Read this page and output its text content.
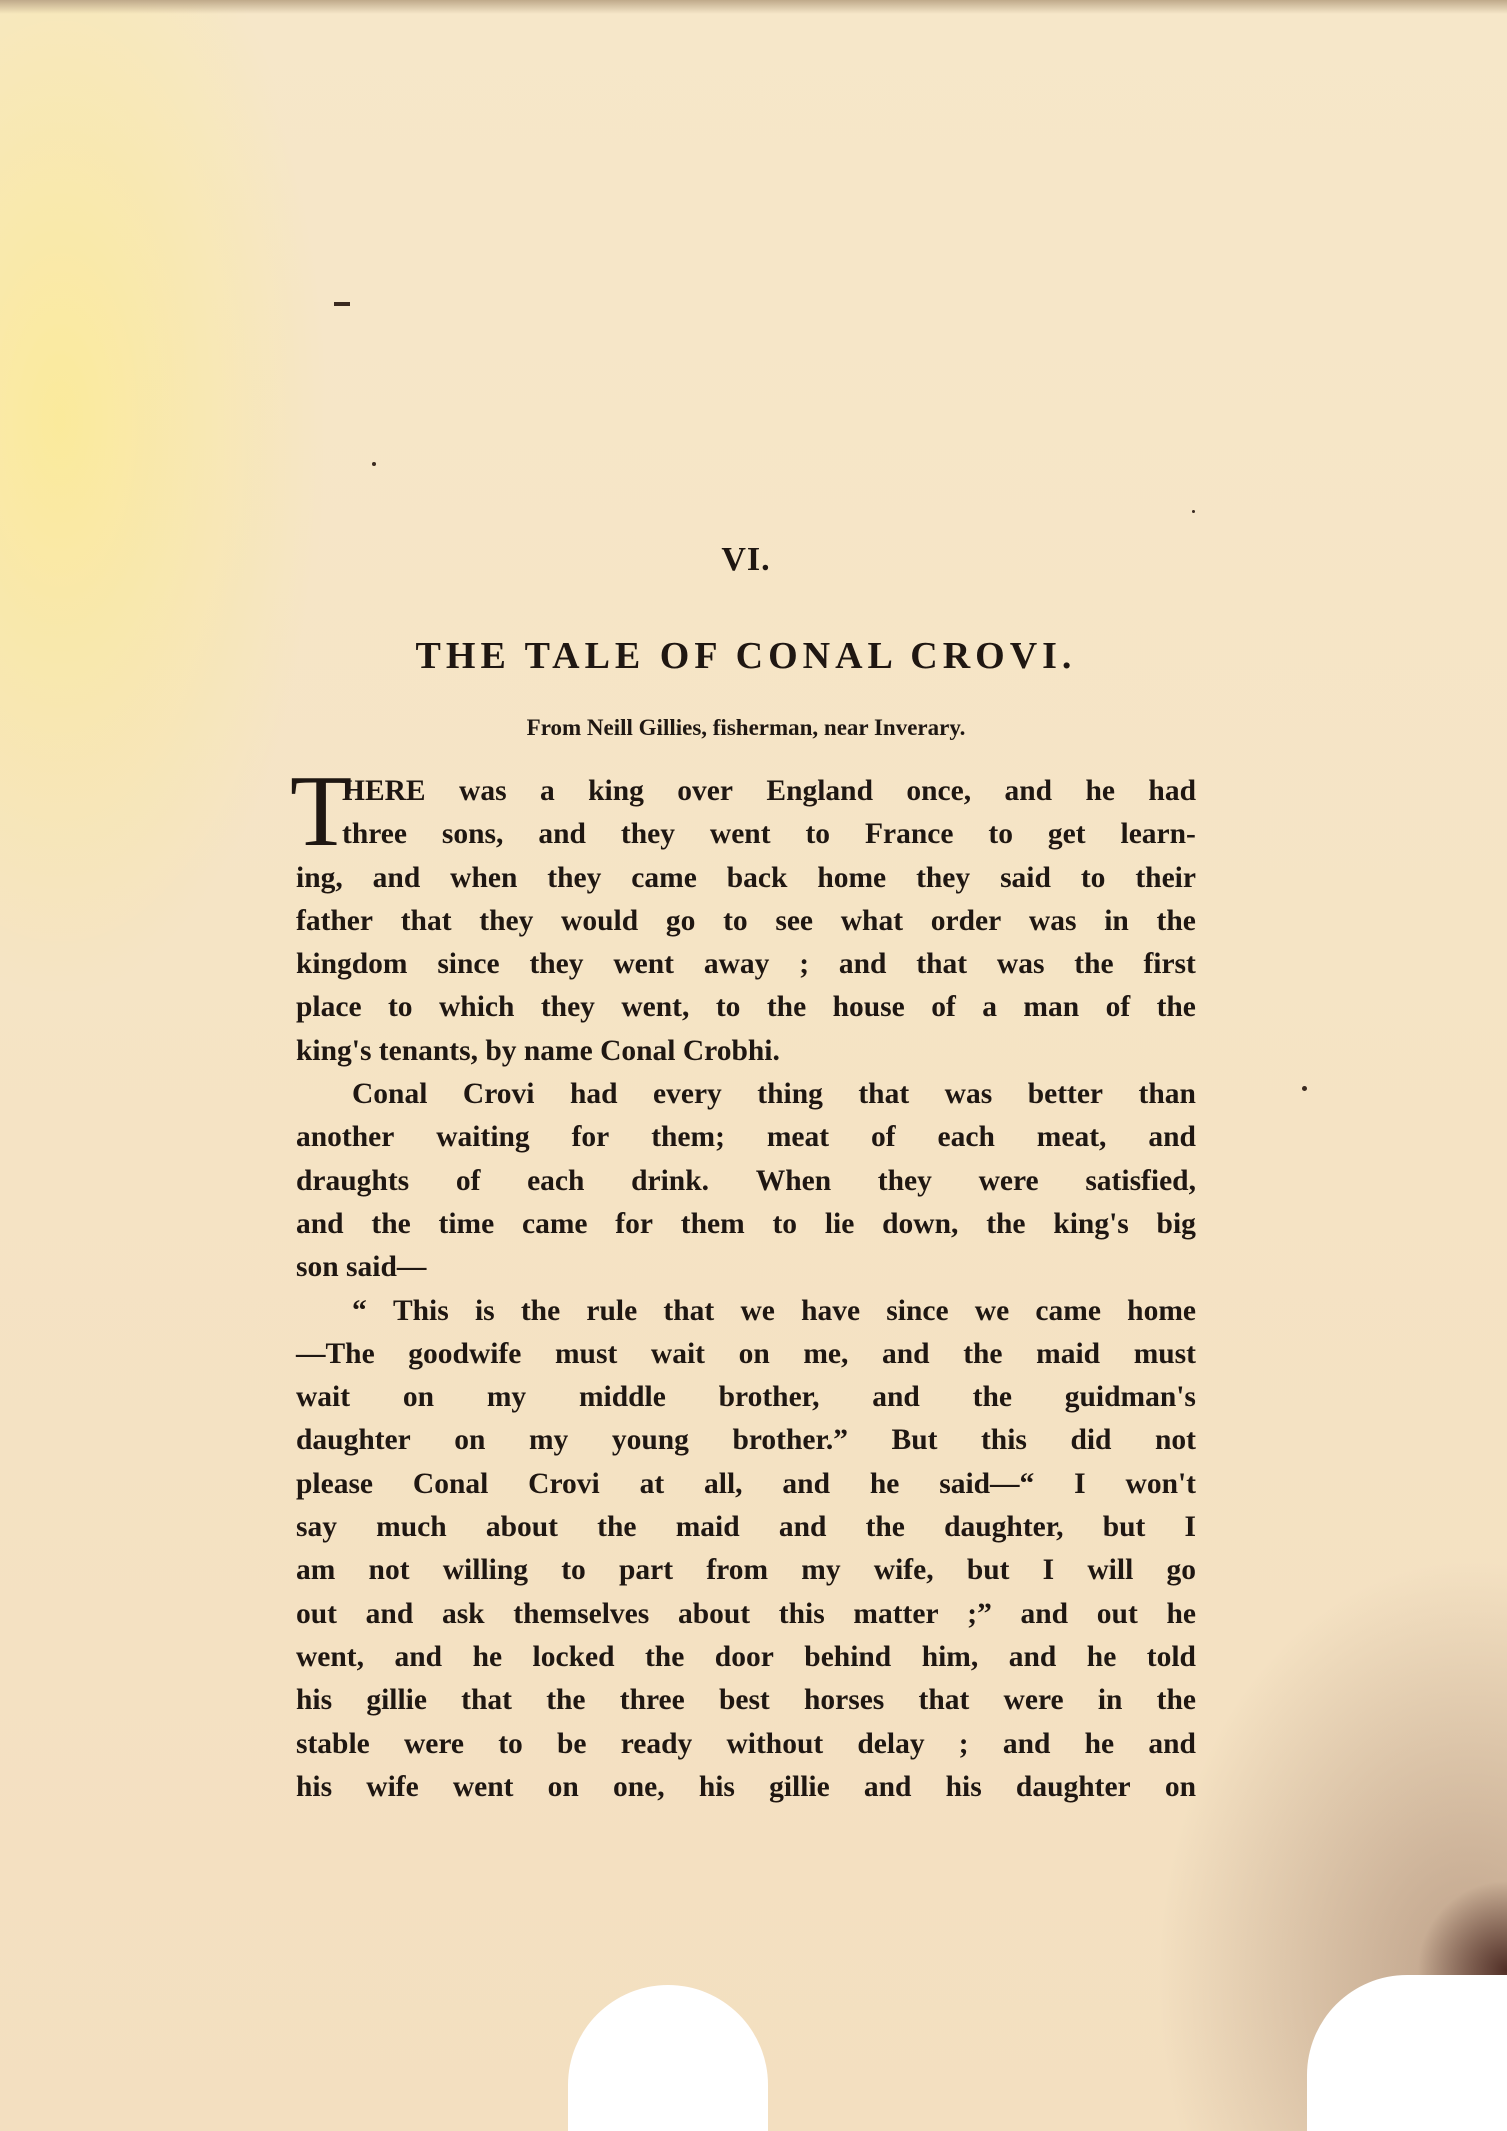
VI.
THE TALE OF CONAL CROVI.

From Neill Gillies, fisherman, near Inverary.

T
HERE was a king over England once, and he had
three sons, and they went to France to get learn-
ing, and when they came back home they said to their
father that they would go to see what order was in the
kingdom since they went away ; and that was the first
place to which they went, to the house of a man of the
king's tenants, by name Conal Crobhi.
Conal Crovi had every thing that was better than
another waiting for them; meat of each meat, and
draughts of each drink. When they were satisfied,
and the time came for them to lie down, the king's big
son said—
“ This is the rule that we have since we came home
—The goodwife must wait on me, and the maid must
wait on my middle brother, and the guidman's
daughter on my young brother.” But this did not
please Conal Crovi at all, and he said—“ I won't
say much about the maid and the daughter, but I
am not willing to part from my wife, but I will go
out and ask themselves about this matter ;” and out he
went, and he locked the door behind him, and he told
his gillie that the three best horses that were in the
stable were to be ready without delay ; and he and
his wife went on one, his gillie and his daughter on
